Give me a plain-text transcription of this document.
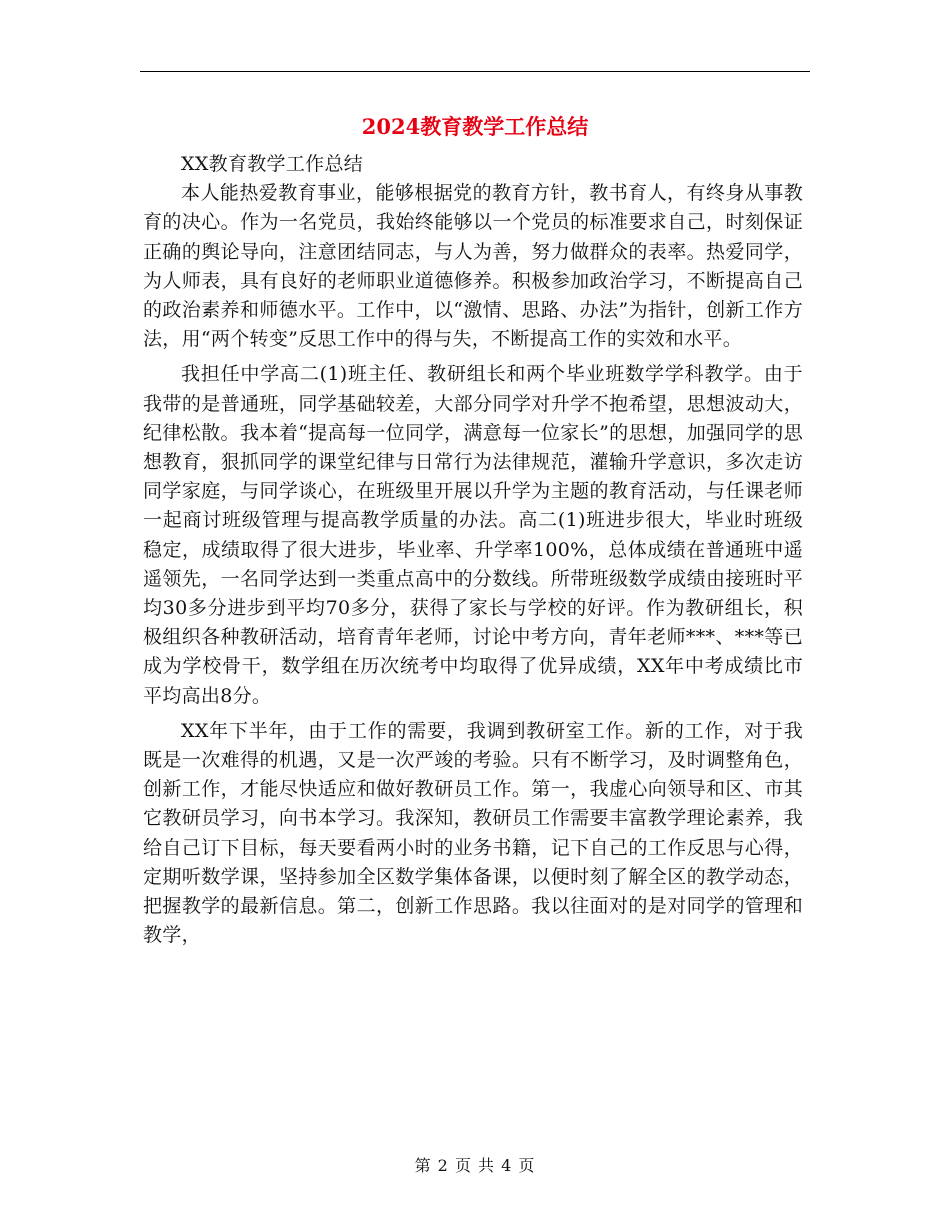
2024教育教学工作总结

XX教育教学工作总结

本人能热爱教育事业，能够根据党的教育方针，教书育人，有终身从事教育的决心。作为一名党员，我始终能够以一个党员的标准要求自己，时刻保证正确的舆论导向，注意团结同志，与人为善，努力做群众的表率。热爱同学，为人师表，具有良好的老师职业道德修养。积极参加政治学习，不断提高自己的政治素养和师德水平。工作中，以“激情、思路、办法”为指针，创新工作方法，用“两个转变”反思工作中的得与失，不断提高工作的实效和水平。

我担任中学高二(1)班主任、教研组长和两个毕业班数学学科教学。由于我带的是普通班，同学基础较差，大部分同学对升学不抱希望，思想波动大，纪律松散。我本着“提高每一位同学，满意每一位家长”的思想，加强同学的思想教育，狠抓同学的课堂纪律与日常行为法律规范，灌输升学意识，多次走访同学家庭，与同学谈心，在班级里开展以升学为主题的教育活动，与任课老师一起商讨班级管理与提高教学质量的办法。高二(1)班进步很大，毕业时班级稳定，成绩取得了很大进步，毕业率、升学率100%，总体成绩在普通班中遥遥领先，一名同学达到一类重点高中的分数线。所带班级数学成绩由接班时平均30多分进步到平均70多分，获得了家长与学校的好评。作为教研组长，积极组织各种教研活动，培育青年老师，讨论中考方向，青年老师***、***等已成为学校骨干，数学组在历次统考中均取得了优异成绩，XX年中考成绩比市平均高出8分。

XX年下半年，由于工作的需要，我调到教研室工作。新的工作，对于我既是一次难得的机遇，又是一次严竣的考验。只有不断学习，及时调整角色，创新工作，才能尽快适应和做好教研员工作。第一，我虚心向领导和区、市其它教研员学习，向书本学习。我深知，教研员工作需要丰富教学理论素养，我给自己订下目标，每天要看两小时的业务书籍，记下自己的工作反思与心得，定期听数学课，坚持参加全区数学集体备课，以便时刻了解全区的教学动态，把握教学的最新信息。第二，创新工作思路。我以往面对的是对同学的管理和教学，

第 2 页 共 4 页
